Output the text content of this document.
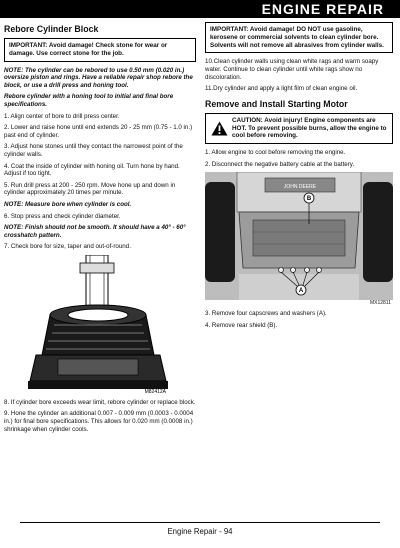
ENGINE REPAIR
Rebore Cylinder Block
IMPORTANT: Avoid damage! Check stone for wear or damage. Use correct stone for the job.

NOTE: The cylinder can be rebored to use 0.50 mm (0.020 in.) oversize piston and rings. Have a reliable repair shop rebore the block, or use a drill press and honing tool.

Rebore cylinder with a honing tool to initial and final bore specifications.

1. Align center of bore to drill press center.

2. Lower and raise hone until end extends 20 - 25 mm (0.75 - 1.0 in.) past end of cylinder.

3. Adjust hone stones until they contact the narrowest point of the cylinder walls.

4. Coat the inside of cylinder with honing oil. Turn hone by hand. Adjust if too tight.

5. Run drill press at 200 - 250 rpm. Move hone up and down in cylinder approximately 20 times per minute.

NOTE: Measure bore when cylinder is cool.

6. Stop press and check cylinder diameter.

NOTE: Finish should not be smooth. It should have a 40° - 60° crosshatch pattern.

7. Check bore for size, taper and out-of-round.

M82412A

8. If cylinder bore exceeds wear limit, rebore cylinder or replace block.

9. Hone the cylinder an additional 0.007 - 0.009 mm (0.0003 - 0.0004 in.) for final bore specifications. This allows for 0.020 mm (0.0008 in.) shrinkage when cylinder cools.

IMPORTANT: Avoid damage! DO NOT use gasoline, kerosene or commercial solvents to clean cylinder bore. Solvents will not remove all abrasives from cylinder walls.

10.Clean cylinder walls using clean white rags and warm soapy water. Continue to clean cylinder until white rags show no discoloration.

11.Dry cylinder and apply a light film of clean engine oil.

Remove and Install Starting Motor
CAUTION: Avoid injury! Engine components are HOT. To prevent possible burns, allow the engine to cool before removing.

1. Allow engine to cool before removing the engine.

2. Disconnect the negative battery cable at the battery.

JOHN DEERE
B
A
MX12811

3. Remove four capscrews and washers (A).

4. Remove rear shield (B).

Engine Repair - 94
